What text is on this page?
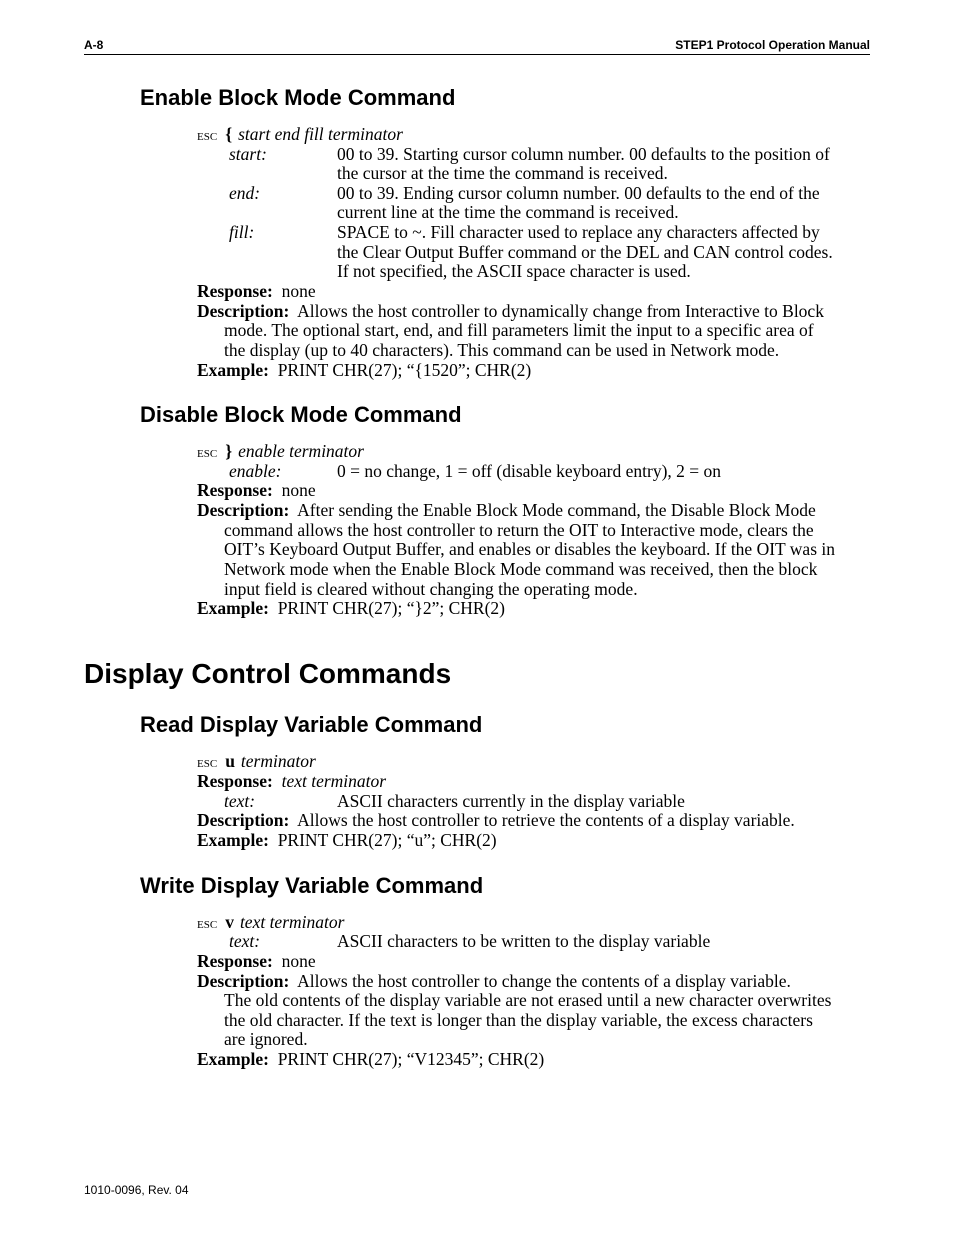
A-8	STEP1 Protocol Operation Manual
Enable Block Mode Command
ESC { start end fill terminator
start:	00 to 39. Starting cursor column number. 00 defaults to the position of
the cursor at the time the command is received.
end:	00 to 39. Ending cursor column number. 00 defaults to the end of the
current line at the time the command is received.
fill:	SPACE to ~. Fill character used to replace any characters affected by
the Clear Output Buffer command or the DEL and CAN control codes.
If not specified, the ASCII space character is used.
Response: none
Description: Allows the host controller to dynamically change from Interactive to Block
mode. The optional start, end, and fill parameters limit the input to a specific area of
the display (up to 40 characters). This command can be used in Network mode.
Example: PRINT CHR(27); “{1520”; CHR(2)
Disable Block Mode Command
ESC } enable terminator
enable:	0 = no change, 1 = off (disable keyboard entry), 2 = on
Response: none
Description: After sending the Enable Block Mode command, the Disable Block Mode
command allows the host controller to return the OIT to Interactive mode, clears the
OIT’s Keyboard Output Buffer, and enables or disables the keyboard. If the OIT was in
Network mode when the Enable Block Mode command was received, then the block
input field is cleared without changing the operating mode.
Example: PRINT CHR(27); “}2”; CHR(2)
Display Control Commands
Read Display Variable Command
ESC u terminator
Response: text terminator
text:	ASCII characters currently in the display variable
Description: Allows the host controller to retrieve the contents of a display variable.
Example: PRINT CHR(27); “u”; CHR(2)
Write Display Variable Command
ESC v text terminator
text:	ASCII characters to be written to the display variable
Response: none
Description: Allows the host controller to change the contents of a display variable.
The old contents of the display variable are not erased until a new character overwrites
the old character. If the text is longer than the display variable, the excess characters
are ignored.
Example: PRINT CHR(27); “V12345”; CHR(2)
1010-0096, Rev. 04
